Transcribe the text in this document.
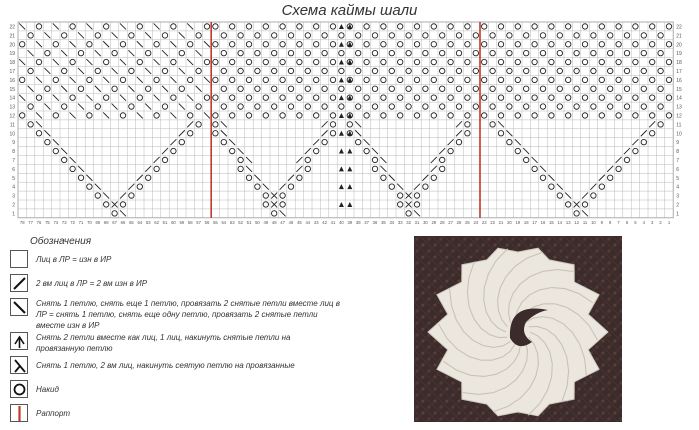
Схема каймы шали
22	22
21	21
20	20
19	19
18	18
17	17
16	16
15	15
14	14
13	13
12	12
11	11
10	10
9	9
8	8
7	7
6	6
5	5
4	4
3	3
2	2
1	1
78 77 76 75 74 73 72 71 70 69 68 67 66 65 64 63 62 61 60 59 58 57 56 55 54 53 52 51 50 49 48 47 46 45 44 43 42 41 40 39 38 37 36 35 34 33 32 31 30 29 28 27 26 25 24 23 22 21 20 19 18 17 16 15 14 13 12 11 10 9 8 7 6 5 4 3 2 1
Обозначения
Лиц в ЛР = изн в ИР
2 вм лиц в ЛР = 2 вм изн в ИР
Снять 1 петлю, снять еще 1 петлю, провязать 2 снятые петли вместе лиц в
ЛР = снять 1 петлю, снять еще одну петлю, провязать 2 снятые петли
вместе изн в ИР
Снять 2 петли вместе как лиц, 1 лиц, накинуть снятые петли на
провязанную петлю
Снять 1 петлю, 2 вм лиц, накинуть сеятую петлю на провязанные
Накид
Раппорт
